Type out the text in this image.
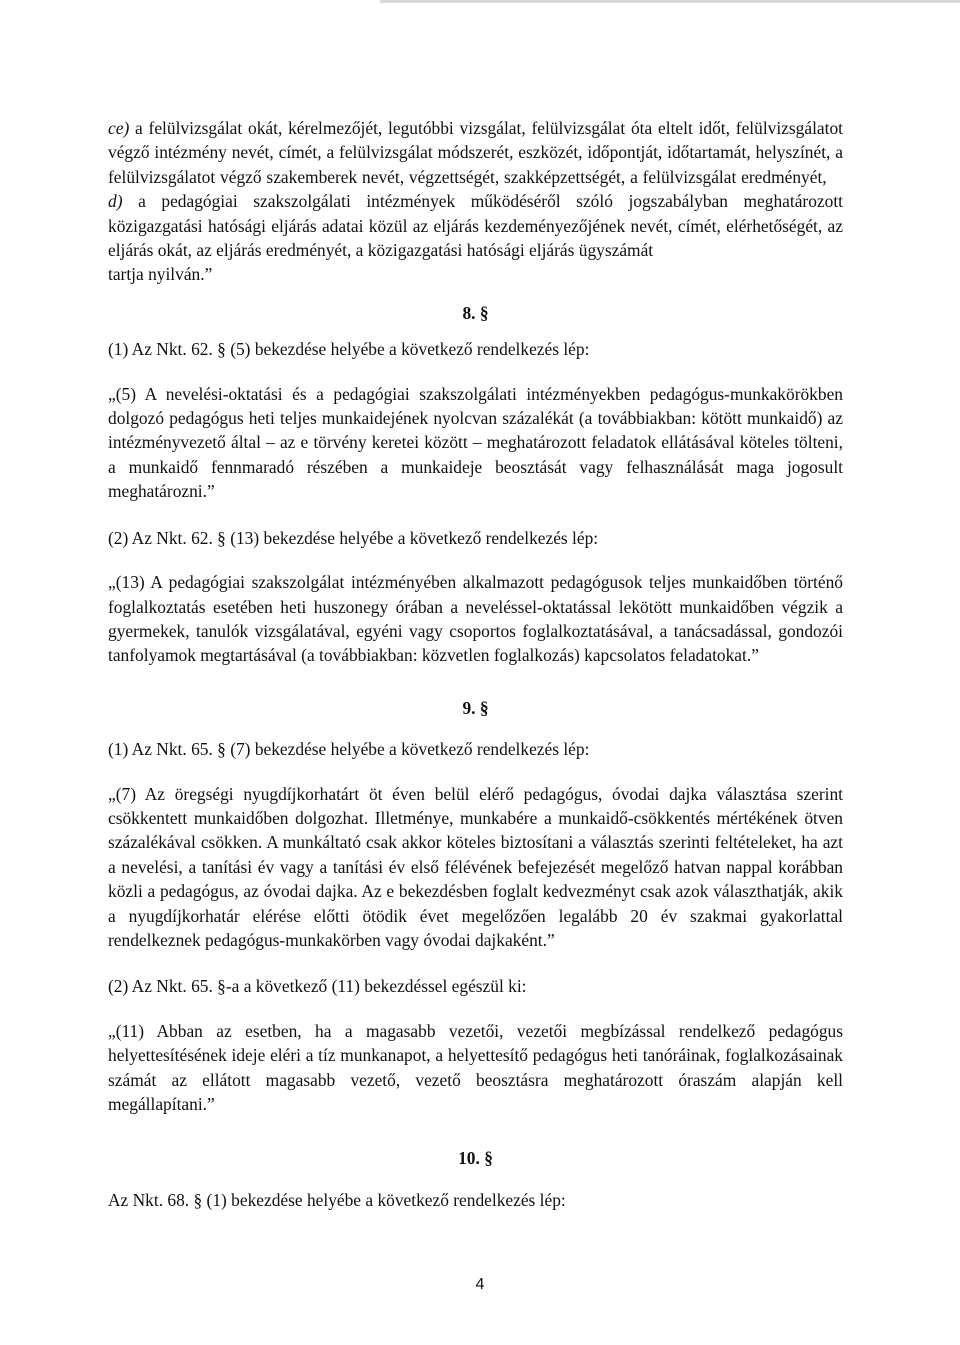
ce) a felülvizsgálat okát, kérelmezőjét, legutóbbi vizsgálat, felülvizsgálat óta eltelt időt, felülvizsgálatot végző intézmény nevét, címét, a felülvizsgálat módszerét, eszközét, időpontját, időtartamát, helyszínét, a felülvizsgálatot végző szakemberek nevét, végzettségét, szakképzettségét, a felülvizsgálat eredményét,

d) a pedagógiai szakszolgálati intézmények működéséről szóló jogszabályban meghatározott közigazgatási hatósági eljárás adatai közül az eljárás kezdeményezőjének nevét, címét, elérhetőségét, az eljárás okát, az eljárás eredményét, a közigazgatási hatósági eljárás ügyszámát

tartja nyilván.”

8. §

(1) Az Nkt. 62. § (5) bekezdése helyébe a következő rendelkezés lép:

„(5) A nevelési-oktatási és a pedagógiai szakszolgálati intézményekben pedagógus-munkakörökben dolgozó pedagógus heti teljes munkaidejének nyolcvan százalékát (a továbbiakban: kötött munkaidő) az intézményvezető által – az e törvény keretei között – meghatározott feladatok ellátásával köteles tölteni, a munkaidő fennmaradó részében a munkaideje beosztását vagy felhasználását maga jogosult meghatározni.”

(2) Az Nkt. 62. § (13) bekezdése helyébe a következő rendelkezés lép:

„(13) A pedagógiai szakszolgálat intézményében alkalmazott pedagógusok teljes munkaidőben történő foglalkoztatás esetében heti huszonegy órában a neveléssel-oktatással lekötött munkaidőben végzik a gyermekek, tanulók vizsgálatával, egyéni vagy csoportos foglalkoztatásával, a tanácsadással, gondozói tanfolyamok megtartásával (a továbbiakban: közvetlen foglalkozás) kapcsolatos feladatokat.”

9. §

(1) Az Nkt. 65. § (7) bekezdése helyébe a következő rendelkezés lép:

„(7) Az öregségi nyugdíjkorhatárt öt éven belül elérő pedagógus, óvodai dajka választása szerint csökkentett munkaidőben dolgozhat. Illetménye, munkabére a munkaidő-csökkentés mértékének ötven százalékával csökken. A munkáltató csak akkor köteles biztosítani a választás szerinti feltételeket, ha azt a nevelési, a tanítási év vagy a tanítási év első félévének befejezését megelőző hatvan nappal korábban közli a pedagógus, az óvodai dajka. Az e bekezdésben foglalt kedvezményt csak azok választhatják, akik a nyugdíjkorhatár elérése előtti ötödik évet megelőzően legalább 20 év szakmai gyakorlattal rendelkeznek pedagógus-munkakörben vagy óvodai dajkaként.”

(2) Az Nkt. 65. §-a a következő (11) bekezdéssel egészül ki:

„(11) Abban az esetben, ha a magasabb vezetői, vezetői megbízással rendelkező pedagógus helyettesítésének ideje eléri a tíz munkanapot, a helyettesítő pedagógus heti tanóráinak, foglalkozásainak számát az ellátott magasabb vezető, vezető beosztásra meghatározott óraszám alapján kell megállapítani.”

10. §

Az Nkt. 68. § (1) bekezdése helyébe a következő rendelkezés lép:

4
